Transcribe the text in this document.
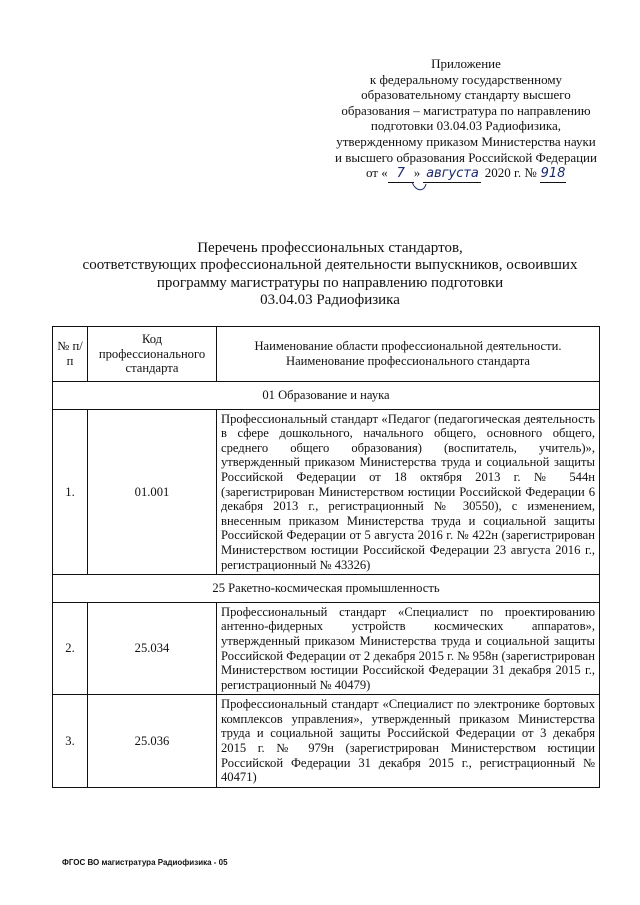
Приложение
к федеральному государственному
образовательному стандарту высшего
образования – магистратура по направлению
подготовки 03.04.03 Радиофизика,
утвержденному приказом Министерства науки
и высшего образования Российской Федерации
от « 7 » августа 2020 г. № 918
Перечень профессиональных стандартов,
соответствующих профессиональной деятельности выпускников, освоивших
программу магистратуры по направлению подготовки
03.04.03 Радиофизика
№ п/п	Код профессионального стандарта	Наименование области профессиональной деятельности. Наименование профессионального стандарта
01 Образование и наука		
1.	01.001	Профессиональный стандарт «Педагог (педагогическая деятельность в сфере дошкольного, начального общего, основного общего, среднего общего образования) (воспитатель, учитель)», утвержденный приказом Министерства труда и социальной защиты Российской Федерации от 18 октября 2013 г. № 544н (зарегистрирован Министерством юстиции Российской Федерации 6 декабря 2013 г., регистрационный № 30550), с изменением, внесенным приказом Министерства труда и социальной защиты Российской Федерации от 5 августа 2016 г. № 422н (зарегистрирован Министерством юстиции Российской Федерации 23 августа 2016 г., регистрационный № 43326)
25 Ракетно-космическая промышленность		
2.	25.034	Профессиональный стандарт «Специалист по проектированию антенно-фидерных устройств космических аппаратов», утвержденный приказом Министерства труда и социальной защиты Российской Федерации от 2 декабря 2015 г. № 958н (зарегистрирован Министерством юстиции Российской Федерации 31 декабря 2015 г., регистрационный № 40479)
3.	25.036	Профессиональный стандарт «Специалист по электронике бортовых комплексов управления», утвержденный приказом Министерства труда и социальной защиты Российской Федерации от 3 декабря 2015 г. № 979н (зарегистрирован Министерством юстиции Российской Федерации 31 декабря 2015 г., регистрационный № 40471)
ФГОС ВО магистратура Радиофизика - 05
